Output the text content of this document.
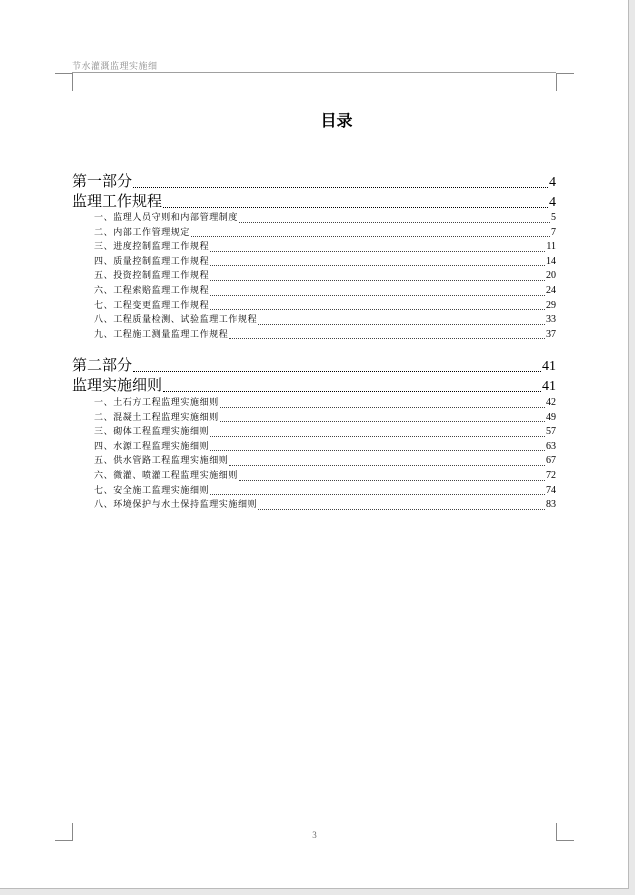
节水灌溉监理实施细
目录
第一部分	4
监理工作规程	4
一、监理人员守则和内部管理制度	5
二、内部工作管理规定	7
三、进度控制监理工作规程	11
四、质量控制监理工作规程	14
五、投资控制监理工作规程	20
六、工程索赔监理工作规程	24
七、工程变更监理工作规程	29
八、工程质量检测、试验监理工作规程	33
九、工程施工测量监理工作规程	37
第二部分	41
监理实施细则	41
一、土石方工程监理实施细则	42
二、混凝土工程监理实施细则	49
三、砌体工程监理实施细则	57
四、水源工程监理实施细则	63
五、供水管路工程监理实施细则	67
六、微灌、喷灌工程监理实施细则	72
七、安全施工监理实施细则	74
八、环境保护与水土保持监理实施细则	83
3
